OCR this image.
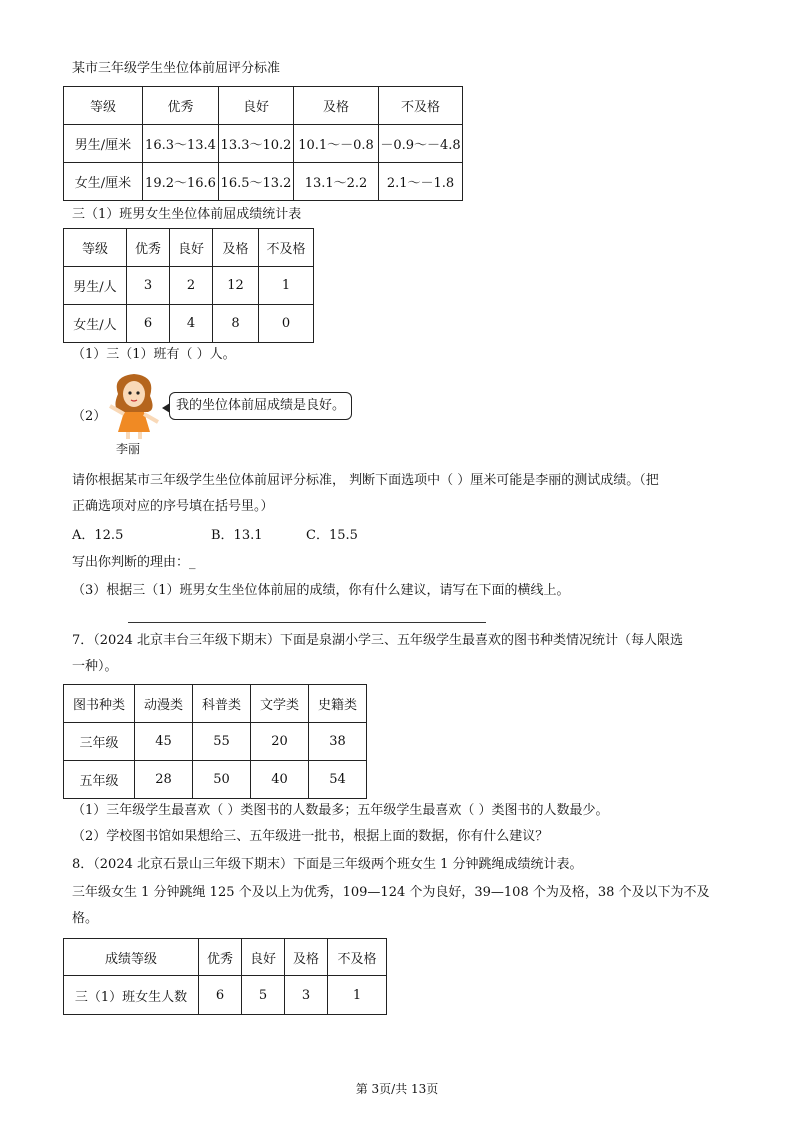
某市三年级学生坐位体前屈评分标准
等级	优秀	良好	及格	不及格
男生/厘米	16.3～13.4	13.3～10.2	10.1～－0.8	－0.9～－4.8
女生/厘米	19.2～16.6	16.5～13.2	13.1～2.2	2.1～－1.8
三（1）班男女生坐位体前屈成绩统计表
等级	优秀	良好	及格	不及格
男生/人	3	2	12	1
女生/人	6	4	8	0
（1）三（1）班有（ ）人。
（2）
我的坐位体前屈成绩是良好。
李丽
请你根据某市三年级学生坐位体前屈评分标准， 判断下面选项中（ ）厘米可能是李丽的测试成绩。（把
正确选项对应的序号填在括号里。）
A．12.5	B．13.1	C．15.5
写出你判断的理由：_
（3）根据三（1）班男女生坐位体前屈的成绩，你有什么建议，请写在下面的横线上。
7．（2024 北京丰台三年级下期末）下面是泉湖小学三、五年级学生最喜欢的图书种类情况统计（每人限选
一种）。
图书种类	动漫类	科普类	文学类	史籍类
三年级	45	55	20	38
五年级	28	50	40	54
（1）三年级学生最喜欢（ ）类图书的人数最多；五年级学生最喜欢（ ）类图书的人数最少。
（2）学校图书馆如果想给三、五年级进一批书，根据上面的数据，你有什么建议？
8．（2024 北京石景山三年级下期末）下面是三年级两个班女生 1 分钟跳绳成绩统计表。
三年级女生 1 分钟跳绳 125 个及以上为优秀，109—124 个为良好，39—108 个为及格，38 个及以下为不及
格。
成绩等级	优秀	良好	及格	不及格
三（1）班女生人数	6	5	3	1
第 3页/共 13页
